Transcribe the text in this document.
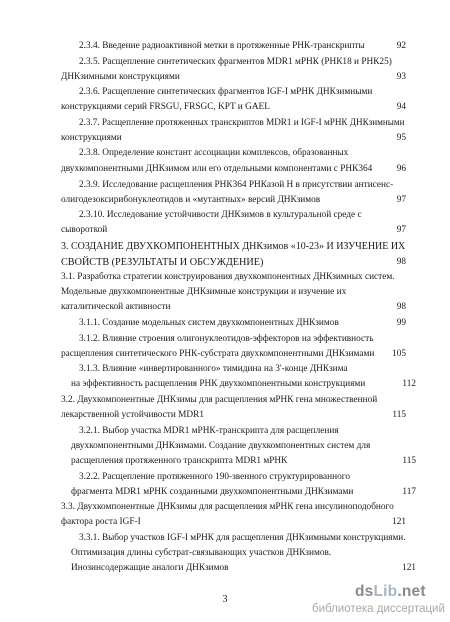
2.3.4. Введение радиоактивной метки в протяженные РНК-транскрипты	92
2.3.5. Расщепление синтетических фрагментов MDR1 мРНК (РНК18 и РНК25)
ДНКзимными конструкциями	93
2.3.6. Расщепление синтетических фрагментов IGF-I мРНК ДНКзимными
конструкциями серий FRSGU, FRSGC, KPT и GAEL	94
2.3.7. Расщепление протяженных транскриптов MDR1 и IGF-I мРНК ДНКзимными
конструкциями	95
2.3.8. Определение констант ассоциации комплексов, образованных
двухкомпонентными ДНКзимом или его отдельными компонентами с РНК364	96
2.3.9. Исследование расщепления РНК364 РНКазой Н в присутствии антисенс-
олигодезоксирибонуклеотидов и «мутантных» версий ДНКзимов	97
2.3.10. Исследование устойчивости ДНКзимов в культуральной среде с
сывороткой	97
3. СОЗДАНИЕ ДВУХКОМПОНЕНТНЫХ ДНКзимов «10-23» И ИЗУЧЕНИЕ ИХ
СВОЙСТВ (РЕЗУЛЬТАТЫ И ОБСУЖДЕНИЕ)	98
3.1. Разработка стратегии конструирования двухкомпонентных ДНКзимных систем.
Модельные двухкомпонентные ДНКзимные конструкции и изучение их
каталитической активности	98
3.1.1. Создание модельных систем двухкомпонентных ДНКзимов	99
3.1.2. Влияние строения олигонуклеотидов-эффекторов на эффективность
расщепления синтетического РНК-субстрата двухкомпонентными ДНКзимами	105
3.1.3. Влияние «инвертированного» тимидина на 3'-конце ДНКзима
на эффективность расщепления РНК двухкомпонентными конструкциями	112
3.2. Двухкомпонентные ДНКзимы для расщепления мРНК гена множественной
лекарственной устойчивости MDR1	115
3.2.1. Выбор участка MDR1 мРНК-транскрипта для расщепления
двухкомпонентными ДНКзимами. Создание двухкомпонентных систем для
расщепления протяженного транскрипта MDR1 мРНК	115
3.2.2. Расщепление протяженного 190-звенного структурированного
фрагмента MDR1 мРНК созданными двухкомпонентными ДНКзимами	117
3.3. Двухкомпонентные ДНКзимы для расщепления мРНК гена инсулиноподобного
фактора роста IGF-I	121
3.3.1. Выбор участков IGF-I мРНК для расщепления ДНКзимными конструкциями.
Оптимизация длины субстрат-связывающих участков ДНКзимов.
Инозинсодержащие аналоги ДНКзимов	121
3	dsLib.net
библиотека диссертаций
